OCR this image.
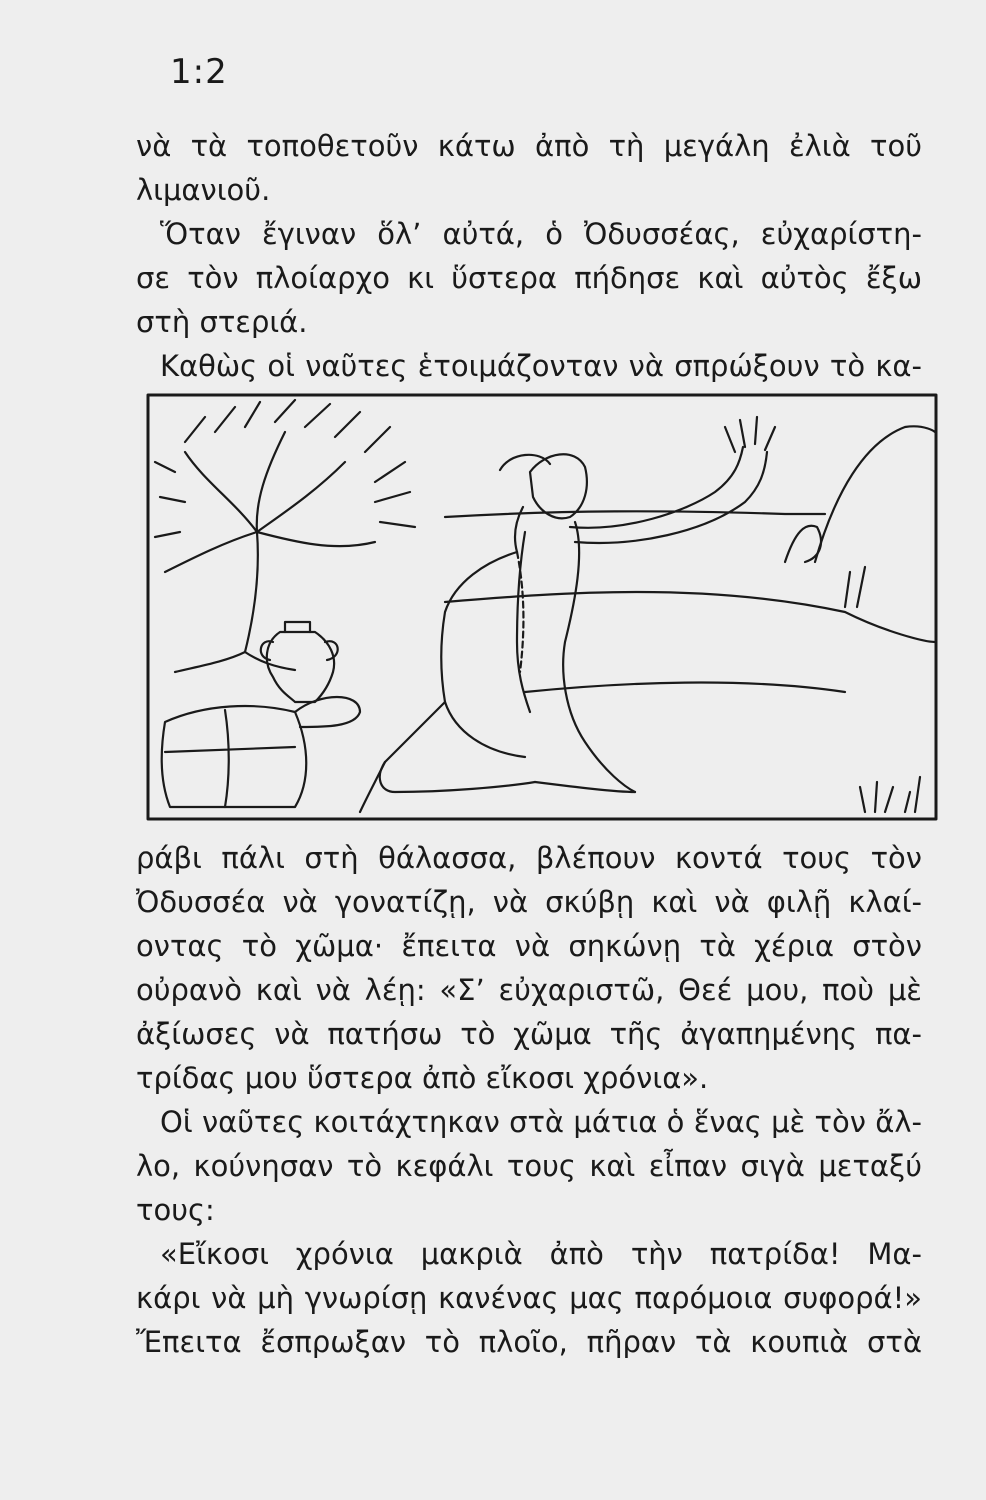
1:2
νὰ τὰ τοποθετοῦν κάτω ἀπὸ τὴ μεγάλη ἐλιὰ τοῦ
λιμανιοῦ.
Ὅταν ἔγιναν ὅλ’ αὐτά, ὁ Ὀδυσσέας, εὐχαρίστη-
σε τὸν πλοίαρχο κι ὕστερα πήδησε καὶ αὐτὸς ἔξω
στὴ στεριά.
Καθὼς οἱ ναῦτες ἑτοιμάζονταν νὰ σπρώξουν τὸ κα-
ράβι πάλι στὴ θάλασσα, βλέπουν κοντά τους τὸν
Ὀδυσσέα νὰ γονατίζῃ, νὰ σκύβῃ καὶ νὰ φιλῇ κλαί-
οντας τὸ χῶμα· ἔπειτα νὰ σηκώνῃ τὰ χέρια στὸν
οὐρανὸ καὶ νὰ λέῃ: «Σ’ εὐχαριστῶ, Θεέ μου, ποὺ μὲ
ἀξίωσες νὰ πατήσω τὸ χῶμα τῆς ἀγαπημένης πα-
τρίδας μου ὕστερα ἀπὸ εἴκοσι χρόνια».
Οἱ ναῦτες κοιτάχτηκαν στὰ μάτια ὁ ἕνας μὲ τὸν ἄλ-
λο, κούνησαν τὸ κεφάλι τους καὶ εἶπαν σιγὰ μεταξύ
τους:
«Εἴκοσι χρόνια μακριὰ ἀπὸ τὴν πατρίδα! Μα-
κάρι νὰ μὴ γνωρίσῃ κανένας μας παρόμοια συφορά!»
Ἔπειτα ἔσπρωξαν τὸ πλοῖο, πῆραν τὰ κουπιὰ στὰ
